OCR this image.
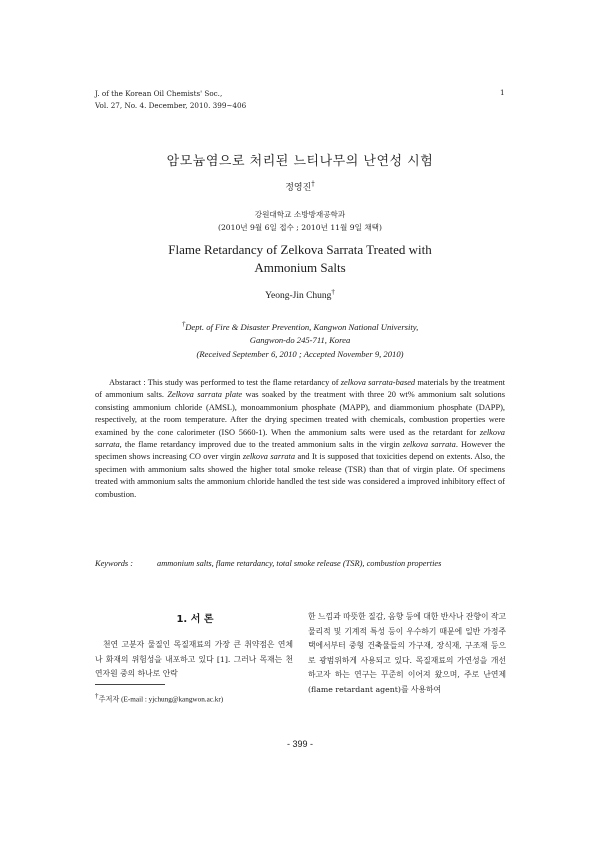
J. of the Korean Oil Chemists' Soc.,
Vol. 27, No. 4. December, 2010. 399~406
1
암모늄염으로 처리된 느티나무의 난연성 시험
정영진†
강원대학교 소방방재공학과
(2010년 9월 6일 접수 ; 2010년 11월 9일 채택)
Flame Retardancy of Zelkova Sarrata Treated with
Ammonium Salts
Yeong-Jin Chung†
†Dept. of Fire & Disaster Prevention, Kangwon National University,
Gangwon-do 245-711, Korea
(Received September 6, 2010 ; Accepted November 9, 2010)
Abstaract : This study was performed to test the flame retardancy of zelkova sarrata-based materials by the treatment of ammonium salts. Zelkova sarrata plate was soaked by the treatment with three 20 wt% ammonium salt solutions consisting ammonium chloride (AMSL), monoammonium phosphate (MAPP), and diammonium phosphate (DAPP), respectively, at the room temperature. After the drying specimen treated with chemicals, combustion properties were examined by the cone calorimeter (ISO 5660-1). When the ammonium salts were used as the retardant for zelkova sarrata, the flame retardancy improved due to the treated ammonium salts in the virgin zelkova sarrata. However the specimen shows increasing CO over virgin zelkova sarrata and It is supposed that toxicities depend on extents. Also, the specimen with ammonium salts showed the higher total smoke release (TSR) than that of virgin plate. Of specimens treated with ammonium salts the ammonium chloride handled the test side was considered a improved inhibitory effect of combustion.
Keywords :	ammonium salts, flame retardancy, total smoke release (TSR), combustion properties
1. 서 론
천연 고분자 물질인 목질재료의 가장 큰 취약점은 연체나 화재의 위험성을 내포하고 있다 [1]. 그러나 목재는 천연자원 중의 하나로 안락
한 느낌과 따뜻한 질감, 음향 등에 대한 반사나 잔향이 작고 물리적 및 기계적 특성 등이 우수하기 때문에 일반 가정주택에서부터 중형 건축물들의 가구재, 장식재, 구조재 등으로 광범위하게 사용되고 있다. 목질재료의 가연성을 개선하고자 하는 연구는 꾸준히 이어져 왔으며, 주로 난연제(flame retardant agent)를 사용하여
†주저자 (E-mail : yjchung@kangwon.ac.kr)
- 399 -
